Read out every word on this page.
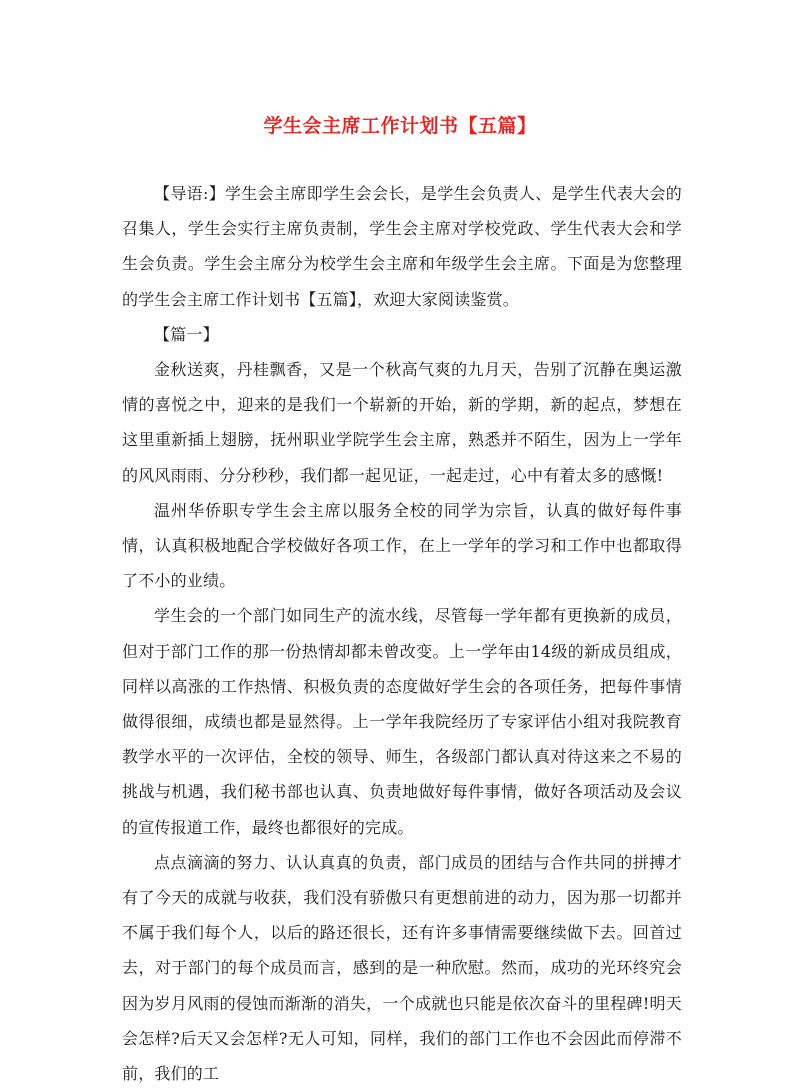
学生会主席工作计划书【五篇】

【导语:】学生会主席即学生会会长，是学生会负责人、是学生代表大会的召集人，学生会实行主席负责制，学生会主席对学校党政、学生代表大会和学生会负责。学生会主席分为校学生会主席和年级学生会主席。下面是为您整理的学生会主席工作计划书【五篇】，欢迎大家阅读鉴赏。

【篇一】

金秋送爽，丹桂飘香，又是一个秋高气爽的九月天，告别了沉静在奥运激情的喜悦之中，迎来的是我们一个崭新的开始，新的学期，新的起点，梦想在这里重新插上翅膀，抚州职业学院学生会主席，熟悉并不陌生，因为上一学年的风风雨雨、分分秒秒，我们都一起见证，一起走过，心中有着太多的感慨!

温州华侨职专学生会主席以服务全校的同学为宗旨，认真的做好每件事情，认真积极地配合学校做好各项工作，在上一学年的学习和工作中也都取得了不小的业绩。

学生会的一个部门如同生产的流水线，尽管每一学年都有更换新的成员，但对于部门工作的那一份热情却都未曾改变。上一学年由14级的新成员组成，同样以高涨的工作热情、积极负责的态度做好学生会的各项任务，把每件事情做得很细，成绩也都是显然得。上一学年我院经历了专家评估小组对我院教育教学水平的一次评估，全校的领导、师生，各级部门都认真对待这来之不易的挑战与机遇，我们秘书部也认真、负责地做好每件事情，做好各项活动及会议的宣传报道工作，最终也都很好的完成。

点点滴滴的努力、认认真真的负责，部门成员的团结与合作共同的拼搏才有了今天的成就与收获，我们没有骄傲只有更想前进的动力，因为那一切都并不属于我们每个人，以后的路还很长，还有许多事情需要继续做下去。回首过去，对于部门的每个成员而言，感到的是一种欣慰。然而，成功的光环终究会因为岁月风雨的侵蚀而渐渐的消失，一个成就也只能是依次奋斗的里程碑!明天会怎样?后天又会怎样?无人可知，同样，我们的部门工作也不会因此而停滞不前，我们的工
